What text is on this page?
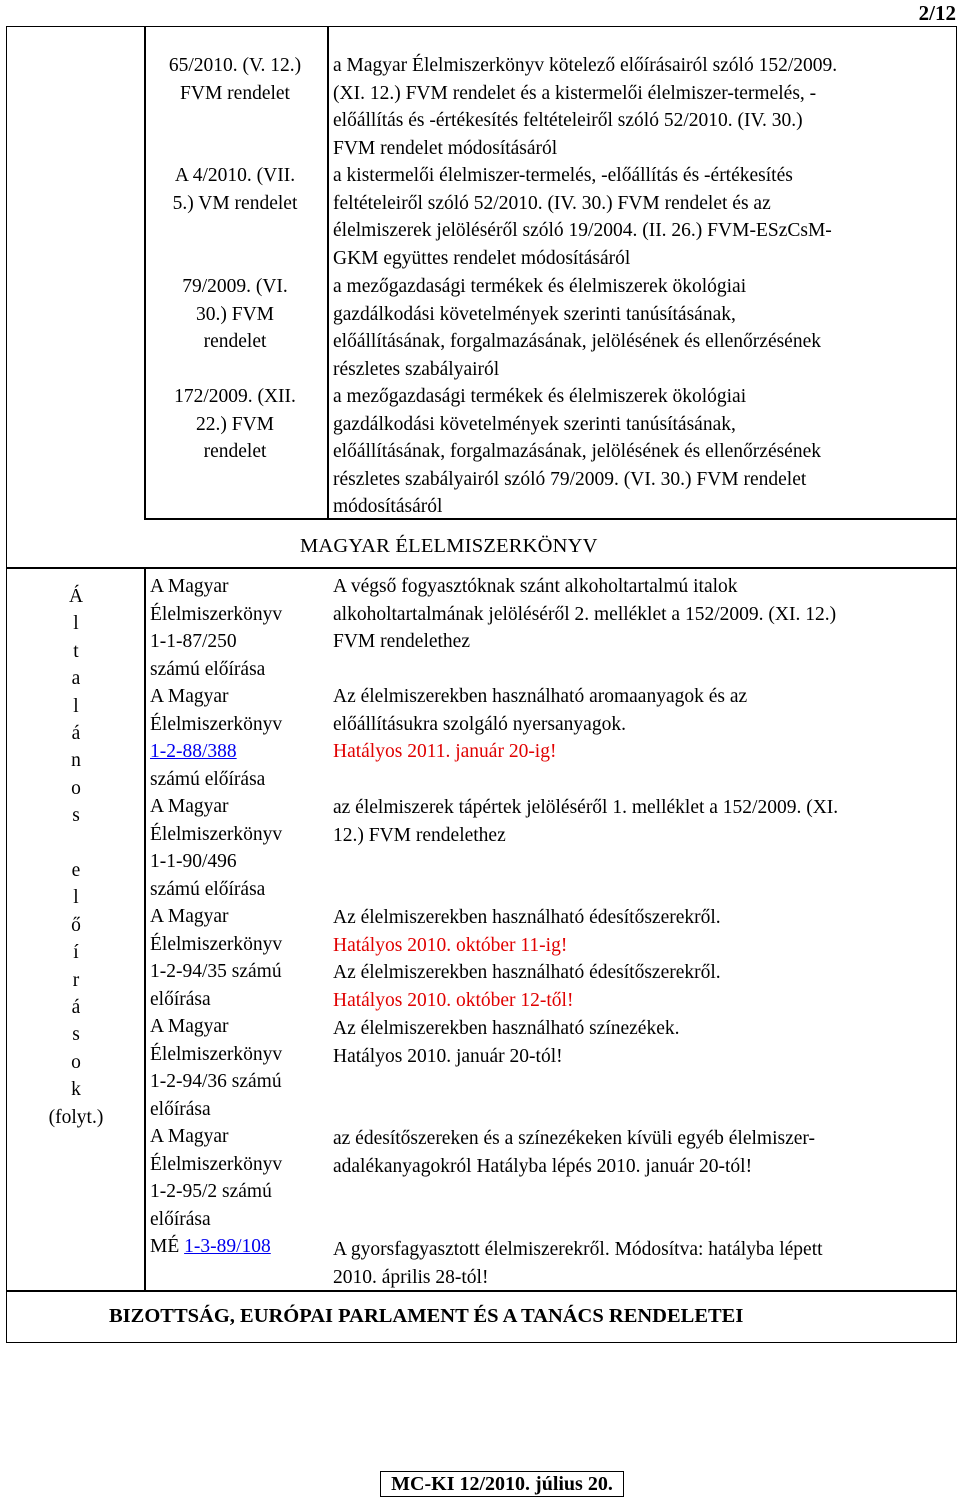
2/12
65/2010. (V. 12.)
FVM rendelet
a Magyar Élelmiszerkönyv kötelező előírásairól szóló 152/2009.
(XI. 12.) FVM rendelet és a kistermelői élelmiszer-termelés, -
előállítás és -értékesítés feltételeiről szóló 52/2010. (IV. 30.)
FVM rendelet módosításáról
A 4/2010. (VII.
5.) VM rendelet
a kistermelői élelmiszer-termelés, -előállítás és -értékesítés
feltételeiről szóló 52/2010. (IV. 30.) FVM rendelet és az
élelmiszerek jelöléséről szóló 19/2004. (II. 26.) FVM-ESzCsM-
GKM együttes rendelet módosításáról
79/2009. (VI.
30.) FVM
rendelet
a mezőgazdasági termékek és élelmiszerek ökológiai
gazdálkodási követelmények szerinti tanúsításának,
előállításának, forgalmazásának, jelölésének és ellenőrzésének
részletes szabályairól
172/2009. (XII.
22.) FVM
rendelet
a mezőgazdasági termékek és élelmiszerek ökológiai
gazdálkodási követelmények szerinti tanúsításának,
előállításának, forgalmazásának, jelölésének és ellenőrzésének
részletes szabályairól szóló 79/2009. (VI. 30.) FVM rendelet
módosításáról
MAGYAR ÉLELMISZERKÖNYV
Á
l
t
a
l
á
n
o
s
e
l
ő
í
r
á
s
o
k
(folyt.)
A Magyar
Élelmiszerkönyv
1-1-87/250
számú előírása
A Magyar
Élelmiszerkönyv
1-2-88/388
számú előírása
A Magyar
Élelmiszerkönyv
1-1-90/496
számú előírása
A Magyar
Élelmiszerkönyv
1-2-94/35 számú
előírása
A Magyar
Élelmiszerkönyv
1-2-94/36 számú
előírása
A Magyar
Élelmiszerkönyv
1-2-95/2 számú
előírása
MÉ 1-3-89/108
A végső fogyasztóknak szánt alkoholtartalmú italok
alkoholtartalmának jelöléséről 2. melléklet a 152/2009. (XI. 12.)
FVM rendelethez
Az élelmiszerekben használható aromaanyagok és az
előállításukra szolgáló nyersanyagok.
Hatályos 2011. január 20-ig!
az élelmiszerek tápértek jelöléséről 1. melléklet a 152/2009. (XI.
12.) FVM rendelethez
Az élelmiszerekben használható édesítőszerekről.
Hatályos 2010. október 11-ig!
Az élelmiszerekben használható édesítőszerekről.
Hatályos 2010. október 12-től!
Az élelmiszerekben használható színezékek.
Hatályos 2010. január 20-tól!
az édesítőszereken és a színezékeken kívüli egyéb élelmiszer-
adalékanyagokról Hatályba lépés 2010. január 20-tól!
A gyorsfagyasztott élelmiszerekről. Módosítva: hatályba lépett
2010. április 28-tól!
BIZOTTSÁG, EURÓPAI PARLAMENT ÉS A TANÁCS RENDELETEI
MC-KI 12/2010. július 20.
